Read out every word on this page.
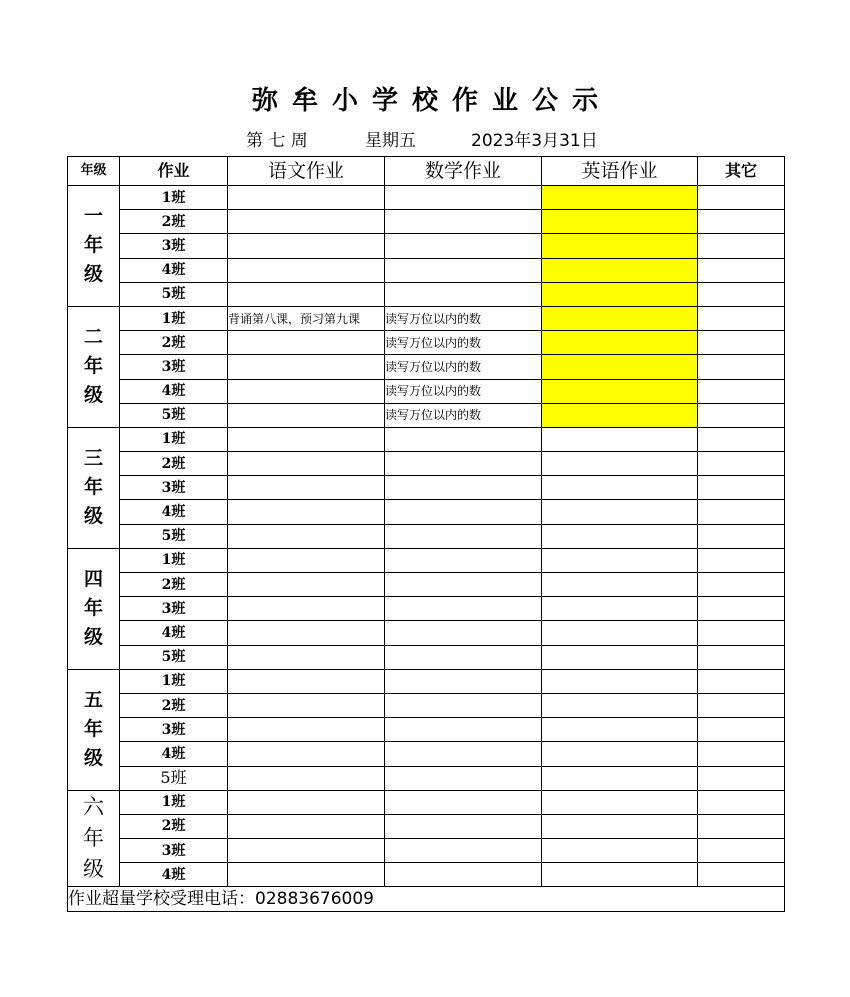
弥牟小学校作业公示
第 七 周	星期五	2023年3月31日
年级	作业	语文作业	数学作业	英语作业	其它

一年级	1班				
	2班				
	3班				
	4班				
	5班				

二年级	1班	背诵第八课，预习第九课	读写万位以内的数		
	2班		读写万位以内的数		
	3班		读写万位以内的数		
	4班		读写万位以内的数		
	5班		读写万位以内的数		

三年级	1班				
	2班				
	3班				
	4班				
	5班				

四年级	1班				
	2班				
	3班				
	4班				
	5班				

五年级	1班				
	2班				
	3班				
	4班				
	5班				

六年级	1班				
	2班				
	3班				
	4班				
作业超量学校受理电话：02883676009					
